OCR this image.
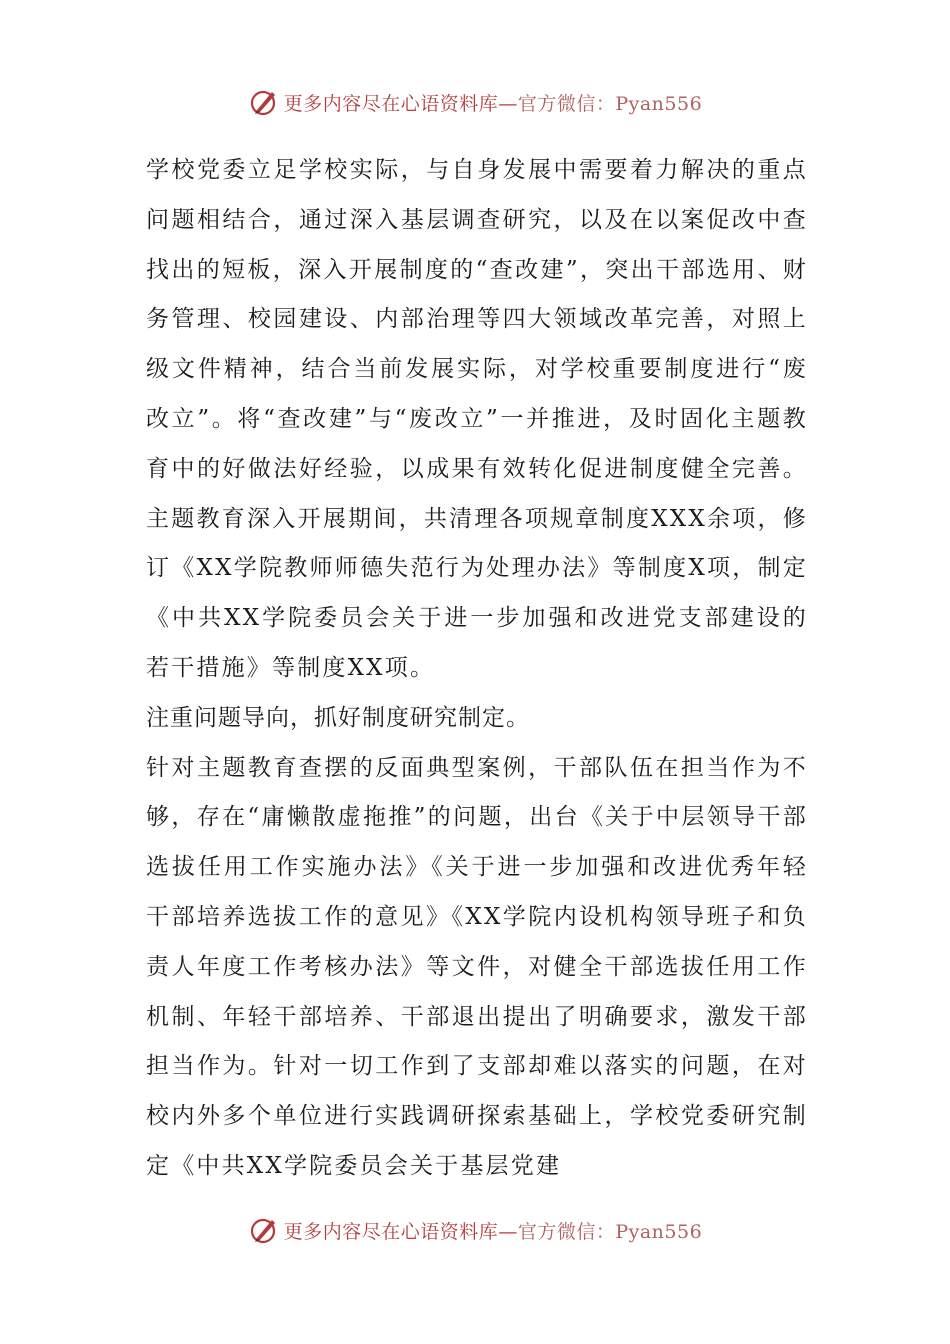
更多内容尽在心语资料库—官方微信：Pyan556

学校党委立足学校实际，与自身发展中需要着力解决的重点问题相结合，通过深入基层调查研究，以及在以案促改中查找出的短板，深入开展制度的“查改建”，突出干部选用、财务管理、校园建设、内部治理等四大领域改革完善，对照上级文件精神，结合当前发展实际，对学校重要制度进行“废改立”。将“查改建”与“废改立”一并推进，及时固化主题教育中的好做法好经验，以成果有效转化促进制度健全完善。主题教育深入开展期间，共清理各项规章制度XXX余项，修订《XX学院教师师德失范行为处理办法》等制度X项，制定《中共XX学院委员会关于进一步加强和改进党支部建设的若干措施》等制度XX项。

注重问题导向，抓好制度研究制定。

针对主题教育查摆的反面典型案例，干部队伍在担当作为不够，存在“庸懒散虚拖推”的问题，出台《关于中层领导干部选拔任用工作实施办法》《关于进一步加强和改进优秀年轻干部培养选拔工作的意见》《XX学院内设机构领导班子和负责人年度工作考核办法》等文件，对健全干部选拔任用工作机制、年轻干部培养、干部退出提出了明确要求，激发干部担当作为。针对一切工作到了支部却难以落实的问题，在对校内外多个单位进行实践调研探索基础上，学校党委研究制定《中共XX学院委员会关于基层党建

更多内容尽在心语资料库—官方微信：Pyan556
